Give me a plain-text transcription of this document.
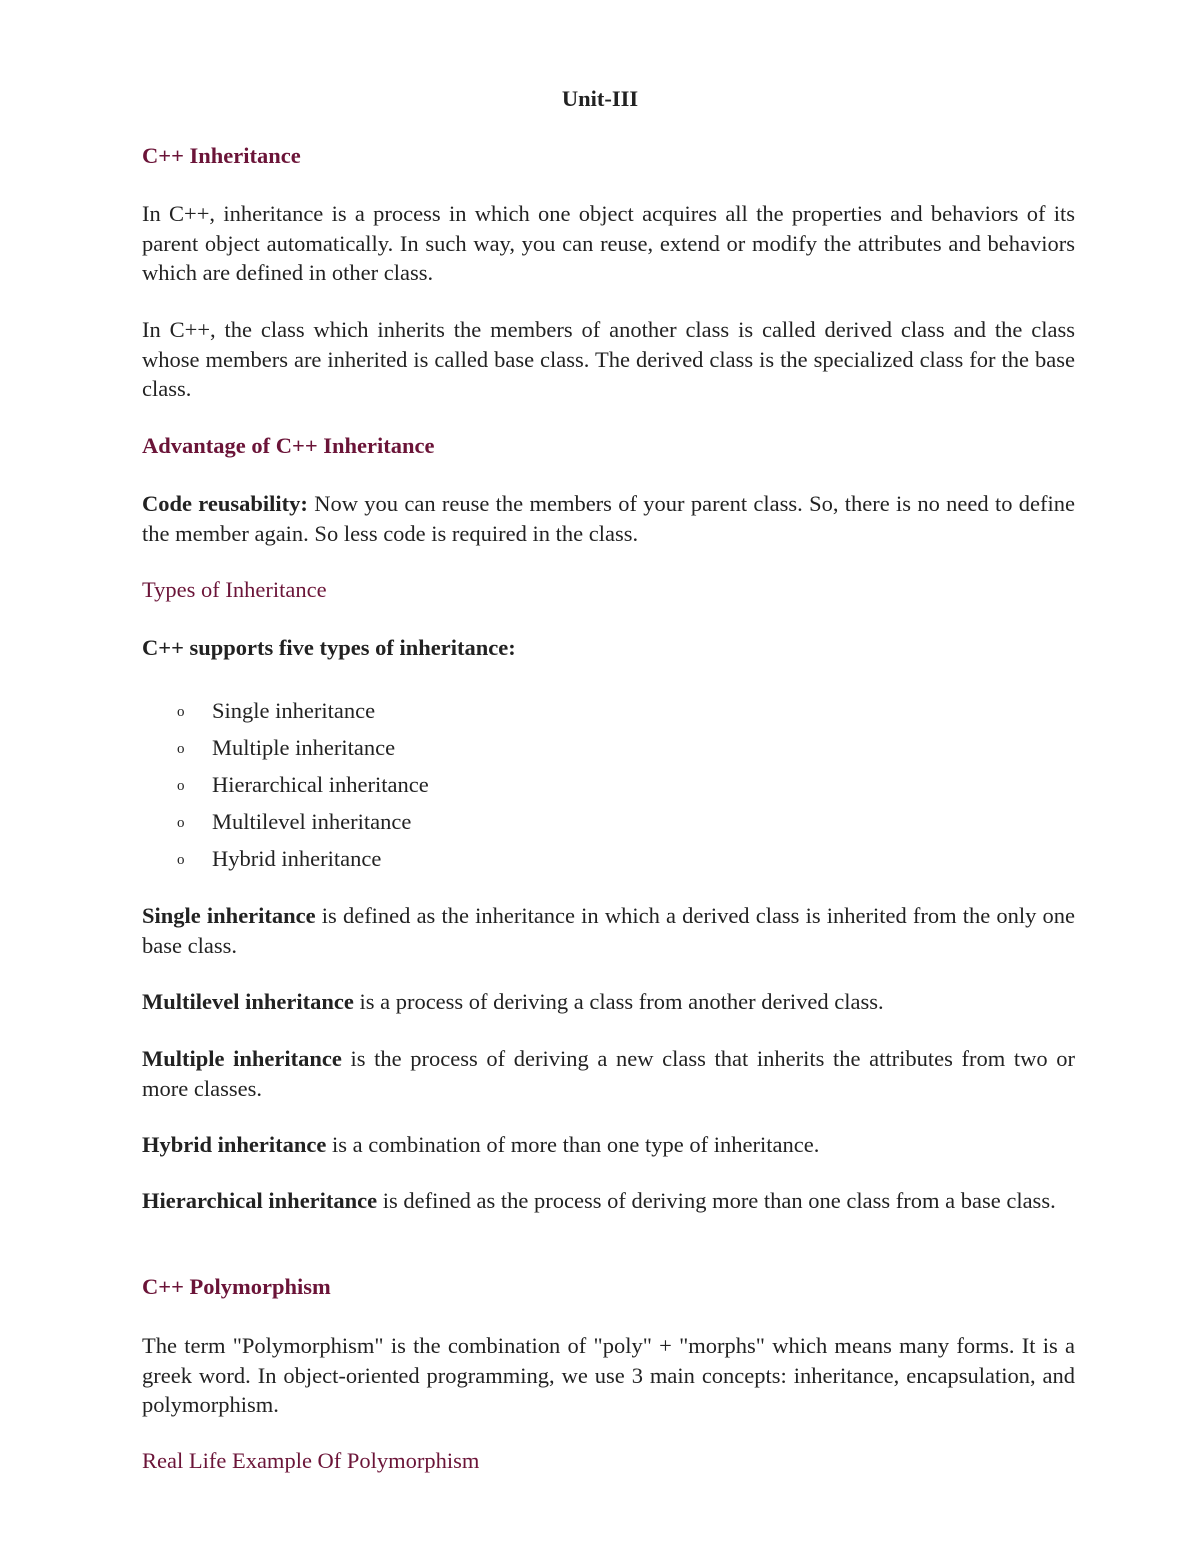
Unit-III

C++ Inheritance

In C++, inheritance is a process in which one object acquires all the properties and behaviors of its parent object automatically. In such way, you can reuse, extend or modify the attributes and behaviors which are defined in other class.

In C++, the class which inherits the members of another class is called derived class and the class whose members are inherited is called base class. The derived class is the specialized class for the base class.

Advantage of C++ Inheritance

Code reusability: Now you can reuse the members of your parent class. So, there is no need to define the member again. So less code is required in the class.

Types of Inheritance

C++ supports five types of inheritance:

o Single inheritance
o Multiple inheritance
o Hierarchical inheritance
o Multilevel inheritance
o Hybrid inheritance

Single inheritance is defined as the inheritance in which a derived class is inherited from the only one base class.

Multilevel inheritance is a process of deriving a class from another derived class.

Multiple inheritance is the process of deriving a new class that inherits the attributes from two or more classes.

Hybrid inheritance is a combination of more than one type of inheritance.

Hierarchical inheritance is defined as the process of deriving more than one class from a base class.

C++ Polymorphism

The term "Polymorphism" is the combination of "poly" + "morphs" which means many forms. It is a greek word. In object-oriented programming, we use 3 main concepts: inheritance, encapsulation, and polymorphism.

Real Life Example Of Polymorphism
